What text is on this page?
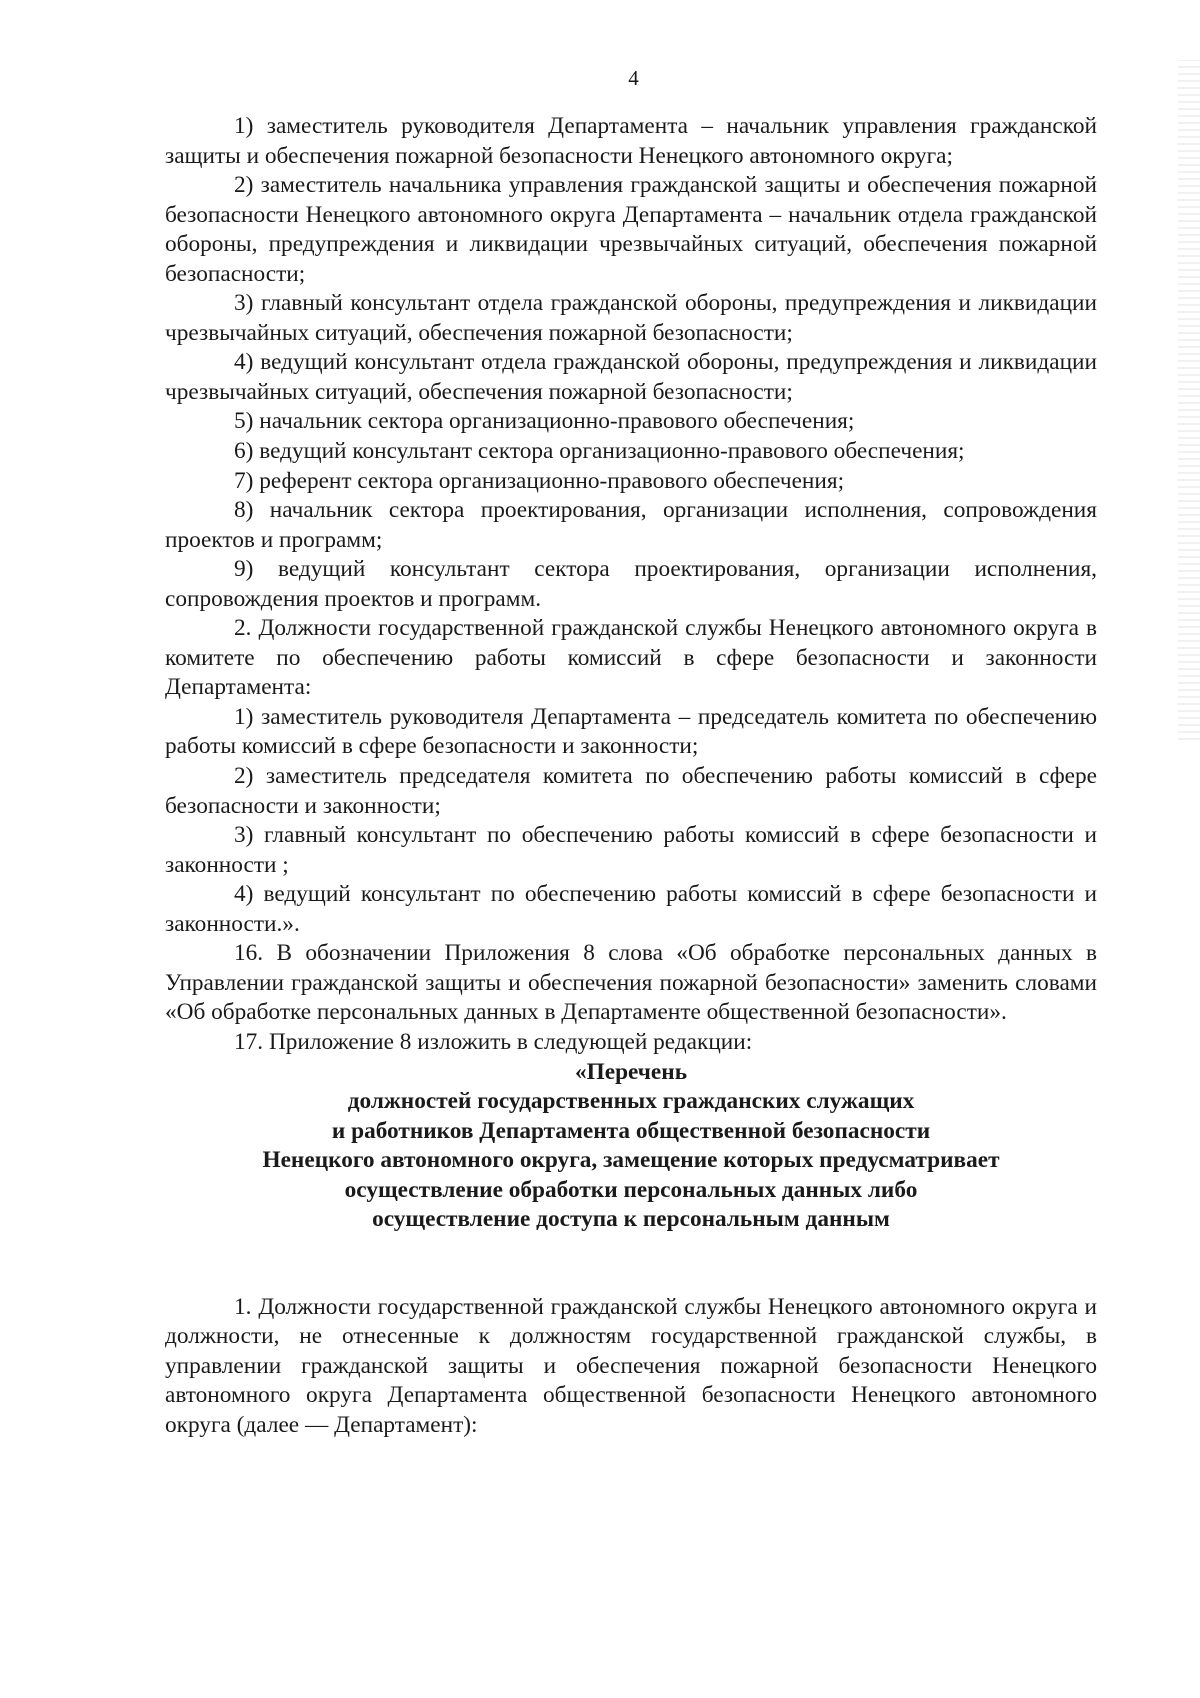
4

1) заместитель руководителя Департамента – начальник управления гражданской защиты и обеспечения пожарной безопасности Ненецкого автономного округа;

2) заместитель начальника управления гражданской защиты и обеспечения пожарной безопасности Ненецкого автономного округа Департамента – начальник отдела гражданской обороны, предупреждения и ликвидации чрезвычайных ситуаций, обеспечения пожарной безопасности;

3) главный консультант отдела гражданской обороны, предупреждения и ликвидации чрезвычайных ситуаций, обеспечения пожарной безопасности;

4) ведущий консультант отдела гражданской обороны, предупреждения и ликвидации чрезвычайных ситуаций, обеспечения пожарной безопасности;

5) начальник сектора организационно-правового обеспечения;

6) ведущий консультант сектора организационно-правового обеспечения;

7) референт сектора организационно-правового обеспечения;

8) начальник сектора проектирования, организации исполнения, сопровождения проектов и программ;

9) ведущий консультант сектора проектирования, организации исполнения, сопровождения проектов и программ.

2. Должности государственной гражданской службы Ненецкого автономного округа в комитете по обеспечению работы комиссий в сфере безопасности и законности Департамента:

1) заместитель руководителя Департамента – председатель комитета по обеспечению работы комиссий в сфере безопасности и законности;

2) заместитель председателя комитета по обеспечению работы комиссий в сфере безопасности и законности;

3) главный консультант по обеспечению работы комиссий в сфере безопасности и законности ;

4) ведущий консультант по обеспечению работы комиссий в сфере безопасности и законности.».

16. В обозначении Приложения 8 слова «Об обработке персональных данных в Управлении гражданской защиты и обеспечения пожарной безопасности» заменить словами «Об обработке персональных данных в Департаменте общественной безопасности».

17. Приложение 8 изложить в следующей редакции:

«Перечень
должностей государственных гражданских служащих
и работников Департамента общественной безопасности
Ненецкого автономного округа, замещение которых предусматривает
осуществление обработки персональных данных либо
осуществление доступа к персональным данным

1. Должности государственной гражданской службы Ненецкого автономного округа и должности, не отнесенные к должностям государственной гражданской службы, в управлении гражданской защиты и обеспечения пожарной безопасности Ненецкого автономного округа Департамента общественной безопасности Ненецкого автономного округа (далее — Департамент):
